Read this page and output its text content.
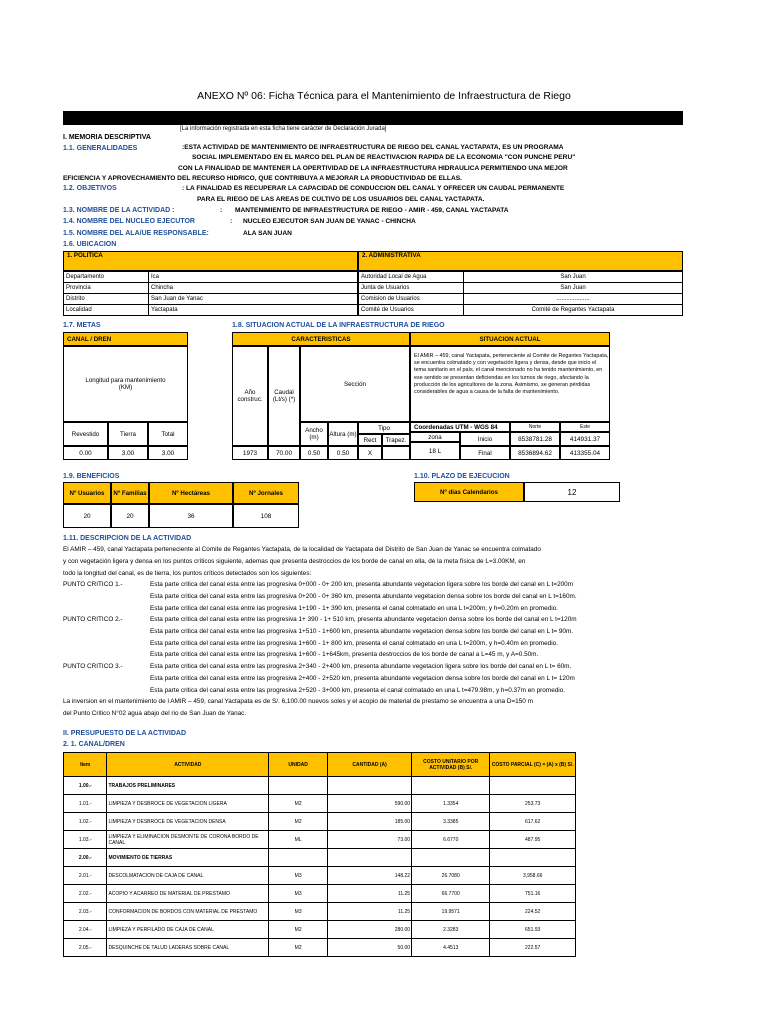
ANEXO Nº 06: Ficha Técnica para el Mantenimiento de Infraestructura de Riego
[La información registrada en esta ficha tiene carácter de Declaración Jurada]
I. MEMORIA DESCRIPTIVA
1.1. GENERALIDADES	:ESTA ACTIVIDAD DE MANTENIMIENTO DE INFRAESTRUCTURA DE RIEGO DEL CANAL YACTAPATA, ES UN PROGRAMA
SOCIAL IMPLEMENTADO EN EL MARCO DEL PLAN DE REACTIVACION RAPIDA DE LA ECONOMIA "CON PUNCHE PERU"
CON LA FINALIDAD DE MANTENER LA OPERTIVIDAD DE LA INFRAESTRUCTURA HIDRAULICA PERMITIENDO UNA MEJOR
EFICIENCIA Y APROVECHAMIENTO DEL RECURSO HIDRICO, QUE CONTRIBUYA A MEJORAR LA PRODUCTIVIDAD DE ELLAS.
1.2. OBJETIVOS	: LA FINALIDAD ES RECUPERAR LA CAPACIDAD DE CONDUCCION DEL CANAL Y OFRECER UN CAUDAL PERMANENTE
PARA EL RIEGO DE LAS AREAS DE CULTIVO DE LOS USUARIOS DEL CANAL YACTAPATA.
1.3. NOMBRE DE LA ACTIVIDAD :	: MANTENIMIENTO DE INFRAESTRUCTURA DE RIEGO - AMIR - 459, CANAL YACTAPATA
1.4. NOMBRE DEL NUCLEO EJECUTOR	: NUCLEO EJECUTOR SAN JUAN DE YANAC - CHINCHA
1.5. NOMBRE DEL ALA/UE RESPONSABLE:	ALA SAN JUAN
1.6. UBICACION
1. POLITICA	2. ADMINISTRATIVA
Departamento	Ica
Provincia	Chincha
Distrito	San Juan de Yanac
Localidad	Yactapata
Autoridad Local de Agua	San Juan
Junta de Usuarios	San Juan
Comision de Usuarios	....................
Comité de Usuarios	Comité de Regantes Yactapata
1.7. METAS
CANAL / DREN
Longitud para mantenimiento
(KM)
Revestido	Tierra	Total
0.00	3.00	3.00
1.8. SITUACION ACTUAL DE LA INFRAESTRUCTURA DE RIEGO
CARACTERISTICAS	SITUACION ACTUAL
Año construc.
Caudal (Lt/s) (*)
Sección
Ancho (m)	Altura (m)
Tipo
Rect	Trapez.
1973	70.00	0.50	0.50	X
El AMIR – 459, canal Yactapata, perteneciente al Comite de Regantes Yactapata, se encuentra colmatado y con vegetación ligera y densa, desde que inicio el tema sanitario en el país, el canal mencionado no ha tenido mantenimiento, en ese sentido se presentan deficiendas en los turnos de riego, afectando la producción de los agricultores de la zona. Asimismo, se generan pérdidas considerables de agua a causa de la falta de mantenimiento.
Coordenadas UTM - WGS 84	Norte	Este
zona
18 L
Inicio	8538781.28	414931.37
Final	8536894.62	413355.04
1.9. BENEFICIOS
Nº Usuarios	Nº Familias	Nº Hectáreas	Nº Jornales
20	20	36	108
1.10. PLAZO DE EJECUCION
Nº dias Calendarios	12
1.11. DESCRIPCION DE LA ACTIVIDAD
El AMIR – 459, canal Yactapata perteneciente al Comite de Regantes Yactapata, de la localidad de Yactapata del Distrito de San Juan de Yanac se encuentra colmatado
y con vegetación ligera y densa en los puntos críticos siguiente, ademas que presenta destroccios de los borde de canal en ella, de la meta física de L=3.00KM, en
todo la longitud del canal, es de tierra, los puntos críticos detectados son los siguientes:
PUNTO CRITICO 1.-	Esta parte critica del canal esta entre las progresiva 0+000 - 0+ 200 km, presenta abundante vegetacion ligera sobre los borde del canal en L t=200m
Esta parte critica del canal esta entre las progresiva 0+200 - 0+ 360 km, presenta abundante vegetacion densa sobre los borde del canal en L t=160m.
Esta parte critica del canal esta entre las progresiva 1+190 - 1+ 390 km, presenta el canal colmatado en una L t=200m, y h=0.20m en promedio.
PUNTO CRITICO 2.-	Esta parte critica del canal esta entre las progresiva 1+ 390 - 1+ 510 km, presenta abundante vegetacion densa sobre los borde del canal en L t=120m
Esta parte critica del canal esta entre las progresiva 1+510 - 1+600 km, presenta abundante vegetacion densa sobre los borde del canal en L t= 90m.
Esta parte critica del canal esta entre las progresiva 1+600 - 1+ 800 km, presenta el canal colmatado en una L t=200m, y h=0.40m en promedio.
Esta parte critica del canal esta entre las progresiva 1+600 - 1+645km, presenta destroccios de los borde de canal a L=45 m, y A=0.50m.
PUNTO CRITICO 3.-	Esta parte critica del canal esta entre las progresiva 2+340 - 2+400 km, presenta abundante vegetacion ligera sobre los borde del canal en L t= 60m.
Esta parte critica del canal esta entre las progresiva 2+400 - 2+520 km, presenta abundante vegetacion densa sobre los borde del canal en L t= 120m
Esta parte critica del canal esta entre las progresiva 2+520 - 3+000 km, presenta el canal colmatado en una L t=479.98m, y h=0.37m en promedio.
La inversion en el mantenimiento de l AMIR – 459, canal Yactapata es de S/. 6,100.00 nuevos soles y el acopio de material de prestamo se encuentra a una D=150 m
del Punto Critico N°02 agua abajo del rio de San Juan de Yanac.
II. PRESUPUESTO DE LA ACTIVIDAD
2. 1. CANAL/DREN
Item	ACTIVIDAD	UNIDAD	CANTIDAD (A)	COSTO UNITARIO POR ACTIVIDAD (B) S/.	COSTO PARCIAL (C) = (A) x (B) S/.
1.00.-	TRABAJOS PRELIMINARES				
1.01.-	LIMPIEZA Y DESBROCE DE VEGETACION LIGERA	M2	590.00	1.3354	253.73
1.02.-	LIMPIEZA Y DESBROCE DE VEGETACION DENSA	M2	185.00	3.3385	617.62
1.03.-	LIMPIEZA Y ELIMINACION DESMONTE DE CORONA BORDO DE CANAL	ML	73.00	6.6770	487.95
2.00.-	MOVIMIENTO DE TIERRAS				
2.01.-	DESCOLMATACION DE CAJA DE CANAL	M3	148.22	26.7080	3,958.66
2.02.-	ACOPIO Y ACARREO DE MATERIAL DE PRESTAMO	M3	11.25	66.7700	751.16
2.03.-	CONFORMACION DE BORDOS CON MATERIAL DE PRESTAMO	M3	11.25	19.9571	224.52
2.04.-	LIMPIEZA Y PERFILADO DE CAJA DE CANAL	M2	280.00	2.3283	651.93
2.05.-	DESQUINCHE DE TALUD LADERAS SOBRE CANAL	M2	50.00	4.4513	222.57
